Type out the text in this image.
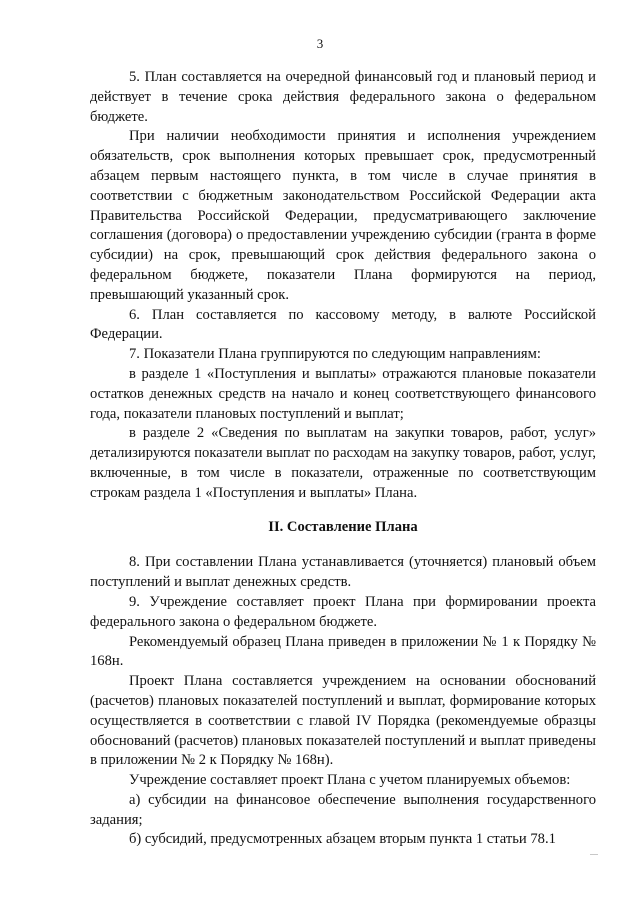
3

5. План составляется на очередной финансовый год и плановый период и действует в течение срока действия федерального закона о федеральном бюджете.

При наличии необходимости принятия и исполнения учреждением обязательств, срок выполнения которых превышает срок, предусмотренный абзацем первым настоящего пункта, в том числе в случае принятия в соответствии с бюджетным законодательством Российской Федерации акта Правительства Российской Федерации, предусматривающего заключение соглашения (договора) о предоставлении учреждению субсидии (гранта в форме субсидии) на срок, превышающий срок действия федерального закона о федеральном бюджете, показатели Плана формируются на период, превышающий указанный срок.

6. План составляется по кассовому методу, в валюте Российской Федерации.

7. Показатели Плана группируются по следующим направлениям:

в разделе 1 «Поступления и выплаты» отражаются плановые показатели остатков денежных средств на начало и конец соответствующего финансового года, показатели плановых поступлений и выплат;

в разделе 2 «Сведения по выплатам на закупки товаров, работ, услуг» детализируются показатели выплат по расходам на закупку товаров, работ, услуг, включенные, в том числе в показатели, отраженные по соответствующим строкам раздела 1 «Поступления и выплаты» Плана.

II. Составление Плана

8. При составлении Плана устанавливается (уточняется) плановый объем поступлений и выплат денежных средств.

9. Учреждение составляет проект Плана при формировании проекта федерального закона о федеральном бюджете.

Рекомендуемый образец Плана приведен в приложении № 1 к Порядку № 168н.

Проект Плана составляется учреждением на основании обоснований (расчетов) плановых показателей поступлений и выплат, формирование которых осуществляется в соответствии с главой IV Порядка (рекомендуемые образцы обоснований (расчетов) плановых показателей поступлений и выплат приведены в приложении № 2 к Порядку № 168н).

Учреждение составляет проект Плана с учетом планируемых объемов:

а) субсидии на финансовое обеспечение выполнения государственного задания;

б) субсидий, предусмотренных абзацем вторым пункта 1 статьи 78.1
